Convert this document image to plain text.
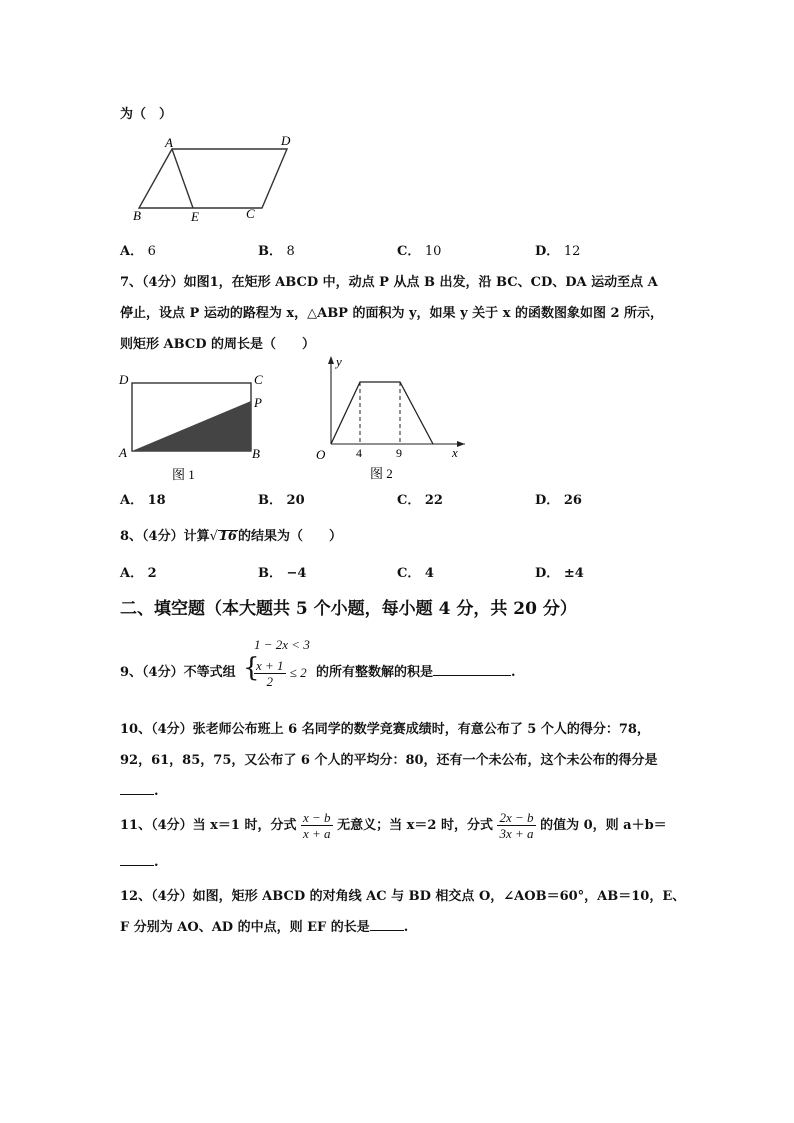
为（　）
A	D
B	E	C
A． 6	B． 8	C． 10	D． 12
7、（4分）如图1，在矩形 ABCD 中，动点 P 从点 B 出发，沿 BC、CD、DA 运动至点 A
停止，设点 P 运动的路程为 x，△ABP 的面积为 y，如果 y 关于 x 的函数图象如图 2 所示，
则矩形 ABCD 的周长是（　　）
D	C
P
A	B
图 1
y
O	4	9	x
图 2
A． 18	B． 20	C． 22	D． 26
8、（4分）计算√16的结果为（　　）
A． 2	B． −4	C． 4	D． ±4
二、填空题（本大题共 5 个小题，每小题 4 分，共 20 分）
9、（4分）不等式组 {
1 − 2x < 3
$\frac{x + 1}{2} \le 2$ 的所有整数解的积是	.
10、（4分）张老师公布班上 6 名同学的数学竞赛成绩时，有意公布了 5 个人的得分：78，
92，61，85，75，又公布了 6 个人的平均分：80，还有一个未公布，这个未公布的得分是
.
11、（4分）当 x＝1 时，分式 $\frac{x - b}{x + a}$ 无意义；当 x＝2 时，分式 $\frac{2x - b}{3x + a}$ 的值为 0，则 a＋b＝
.
12、（4分）如图，矩形 ABCD 的对角线 AC 与 BD 相交点 O，∠AOB＝60°，AB＝10，E、
F 分别为 AO、AD 的中点，则 EF 的长是	.
